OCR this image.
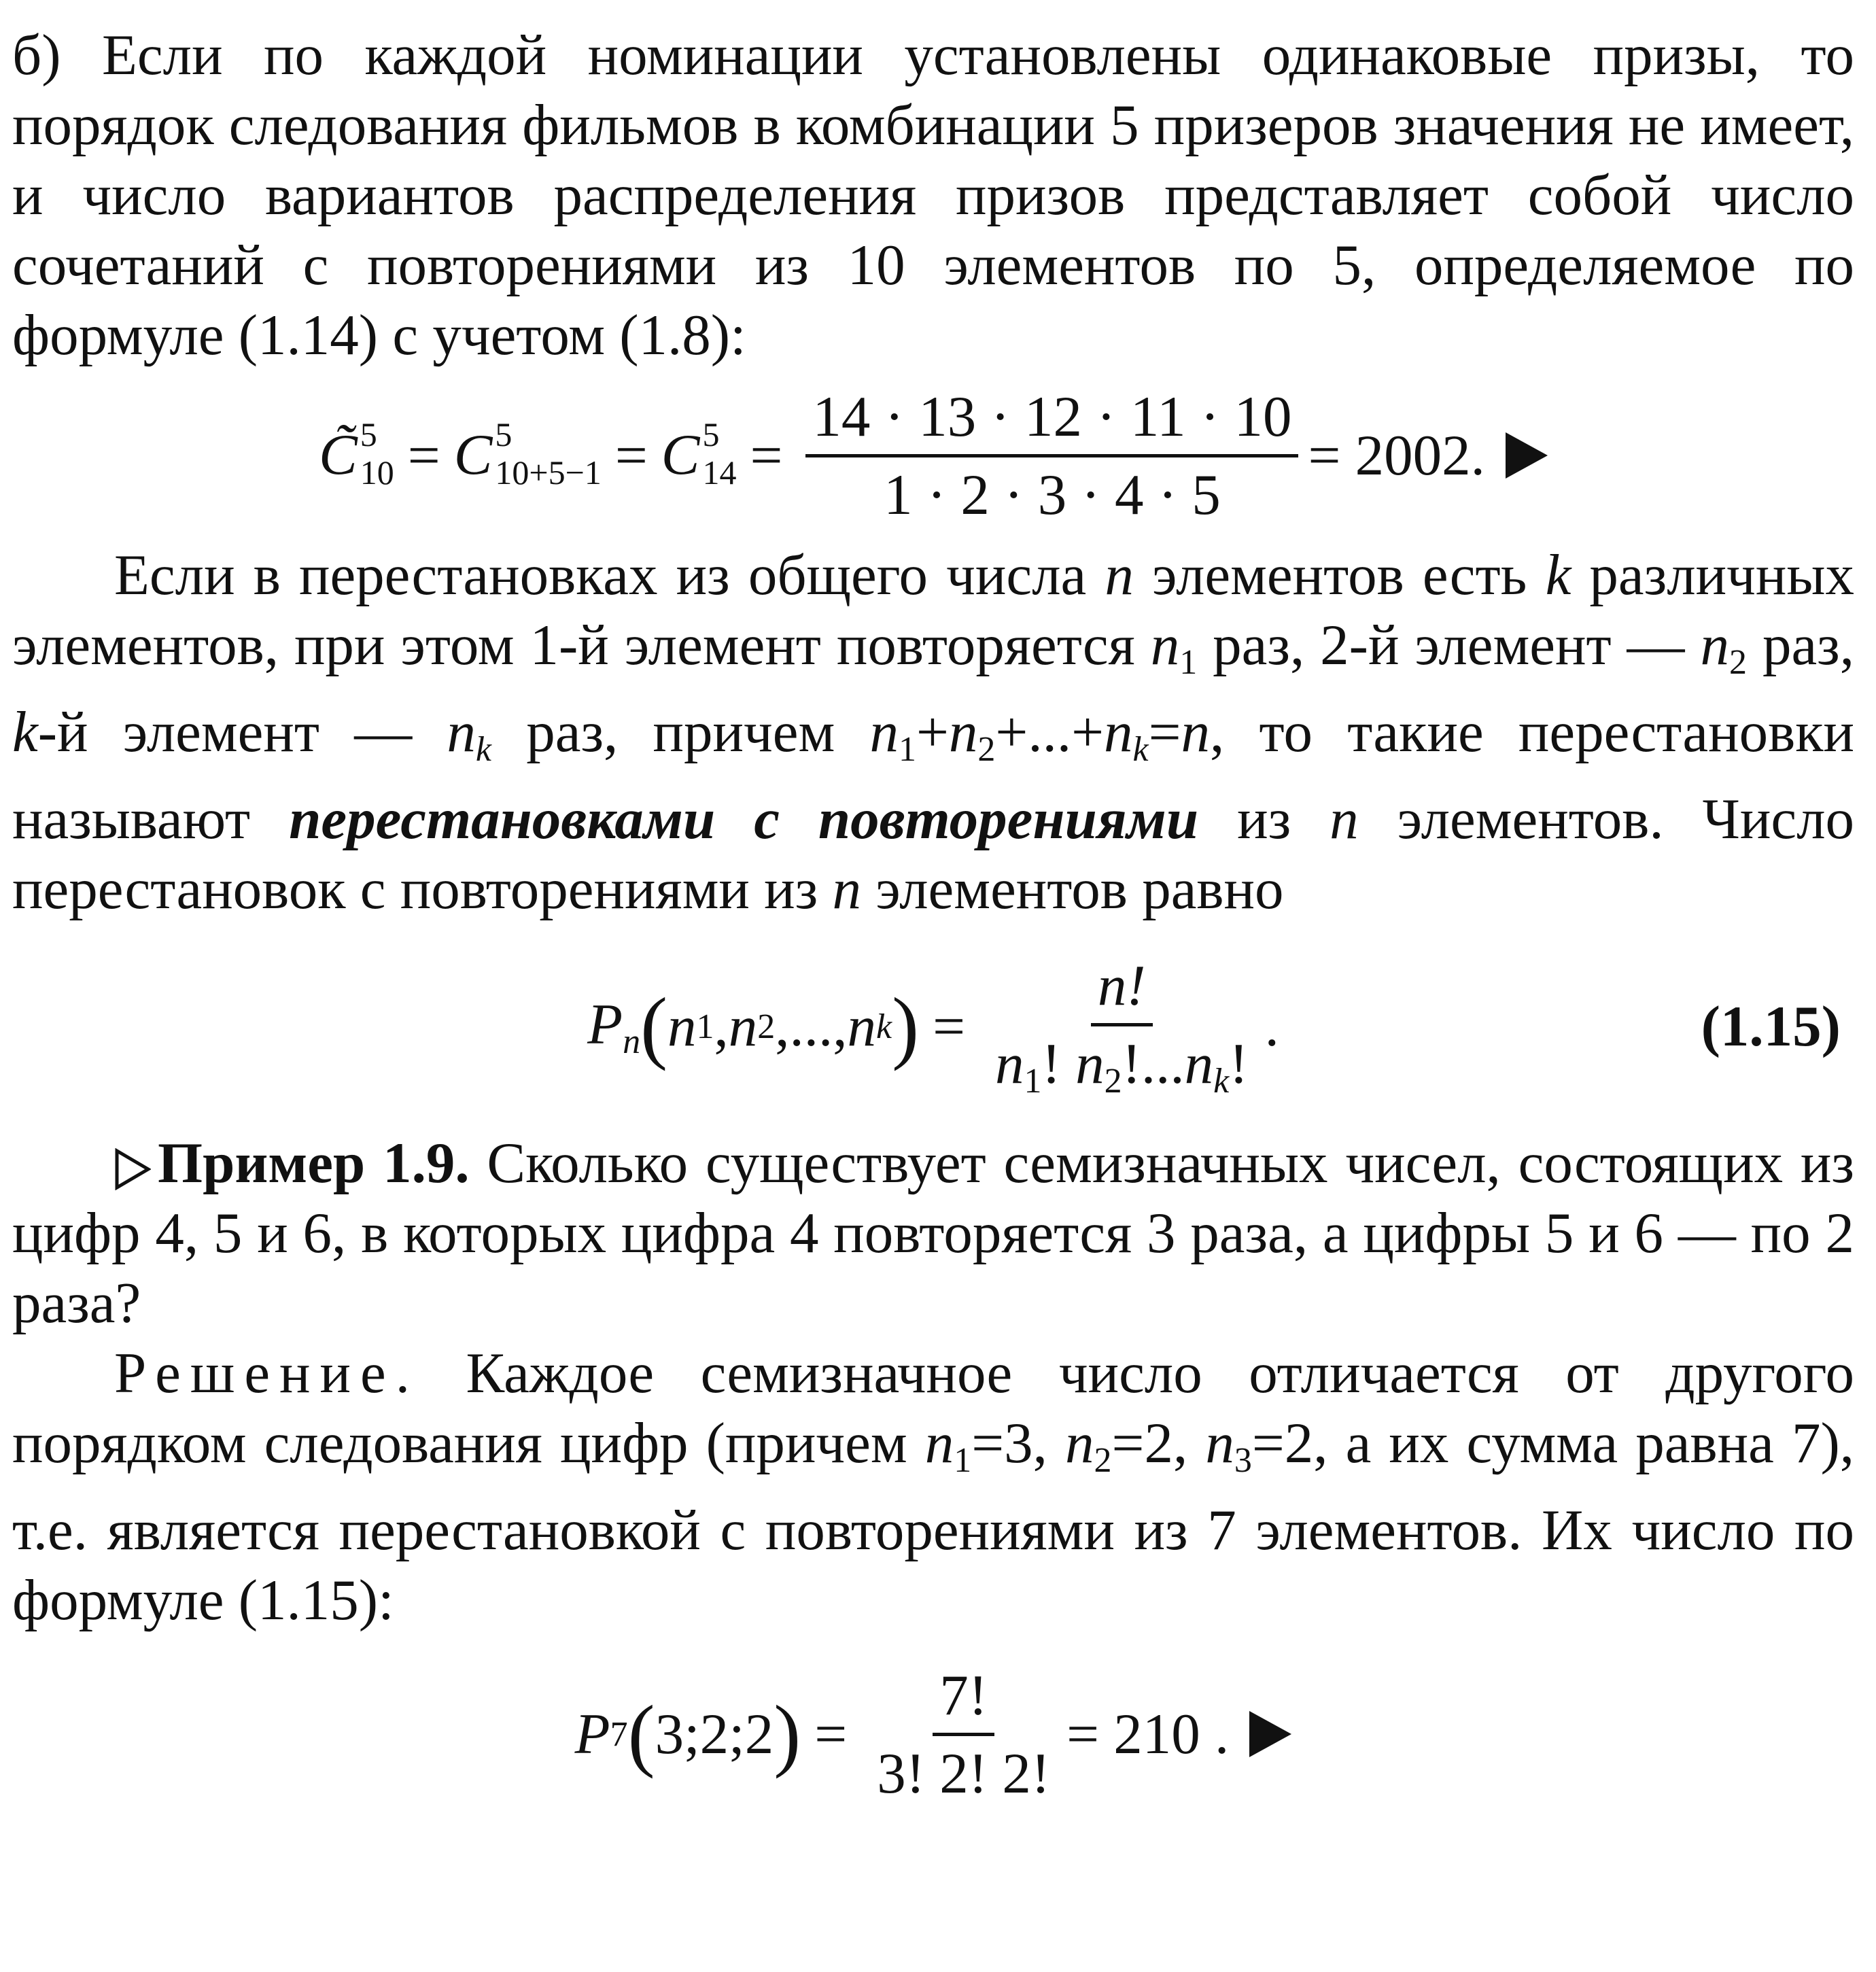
б) Если по каждой номинации установлены одинаковые призы, то порядок следования фильмов в комбинации 5 призеров значения не имеет, и число вариантов распределения призов представляет собой число сочетаний с повторениями из 10 элементов по 5, определяемое по формуле (1.14) с учетом (1.8):

C̃ 5
10 = C 5
10+5−1 = C 5
$14 = \frac{14 \cdot 13 \cdot 12 \cdot 11 \cdot 10}{1 \cdot 2 \cdot 3 \cdot 4 \cdot 5} = 2002$.

Если в перестановках из общего числа n элементов есть k различных элементов, при этом 1-й элемент повторяется n1 раз, 2-й элемент — n2 раз, k-й элемент — nk раз, причем n1+n2+...+nk=n, то такие перестановки называют перестановками с повторениями из n элементов. Число перестановок с повторениями из n элементов равно

Pn ( n 1 , n 2 ,..., n k ) = $\frac{n!}{n1! n2!...nk!}$ .	(1.15)

Пример 1.9. Сколько существует семизначных чисел, состоящих из цифр 4, 5 и 6, в которых цифра 4 повторяется 3 раза, а цифры 5 и 6 — по 2 раза?

Решение. Каждое семизначное число отличается от другого порядком следования цифр (причем n1=3, n2=2, n3=2, а их сумма равна 7), т.е. является перестановкой с повторениями из 7 элементов. Их число по формуле (1.15):

P 7 ( 3;2;2 ) = $\frac{7!}{3! 2! 2!} = 210$ .
